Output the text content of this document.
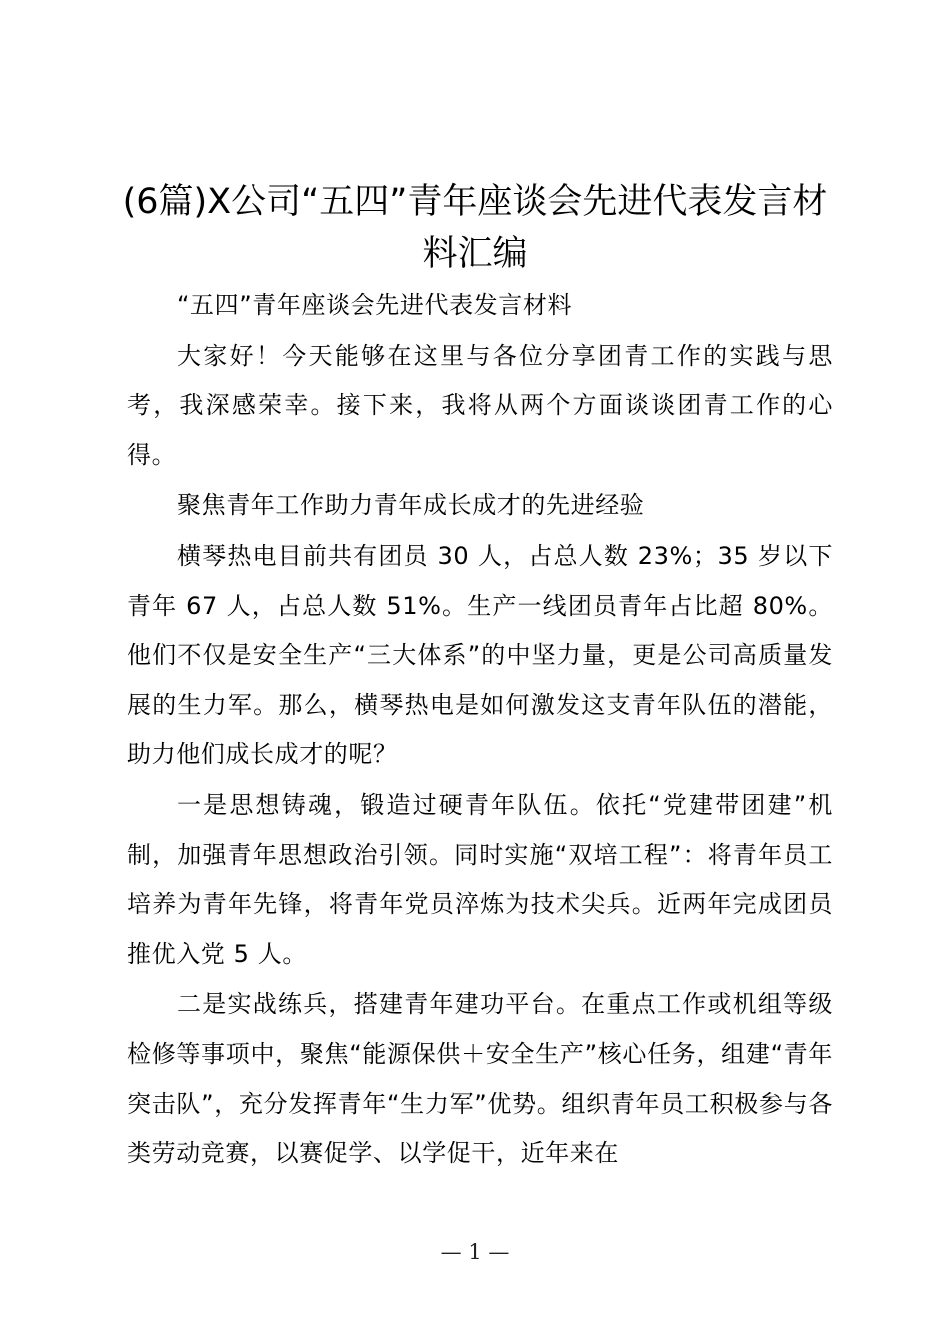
(6篇)X公司“五四”青年座谈会先进代表发言材料汇编

“五四”青年座谈会先进代表发言材料

大家好！今天能够在这里与各位分享团青工作的实践与思考，我深感荣幸。接下来，我将从两个方面谈谈团青工作的心得。

聚焦青年工作助力青年成长成才的先进经验

横琴热电目前共有团员 30 人，占总人数 23%；35 岁以下青年 67 人，占总人数 51%。生产一线团员青年占比超 80%。他们不仅是安全生产“三大体系”的中坚力量，更是公司高质量发展的生力军。那么，横琴热电是如何激发这支青年队伍的潜能，助力他们成长成才的呢？

一是思想铸魂，锻造过硬青年队伍。依托“党建带团建”机制，加强青年思想政治引领。同时实施“双培工程”：将青年员工培养为青年先锋，将青年党员淬炼为技术尖兵。近两年完成团员推优入党 5 人。

二是实战练兵，搭建青年建功平台。在重点工作或机组等级检修等事项中，聚焦“能源保供＋安全生产”核心任务，组建“青年突击队”，充分发挥青年“生力军”优势。组织青年员工积极参与各类劳动竞赛，以赛促学、以学促干，近年来在

— 1 —
